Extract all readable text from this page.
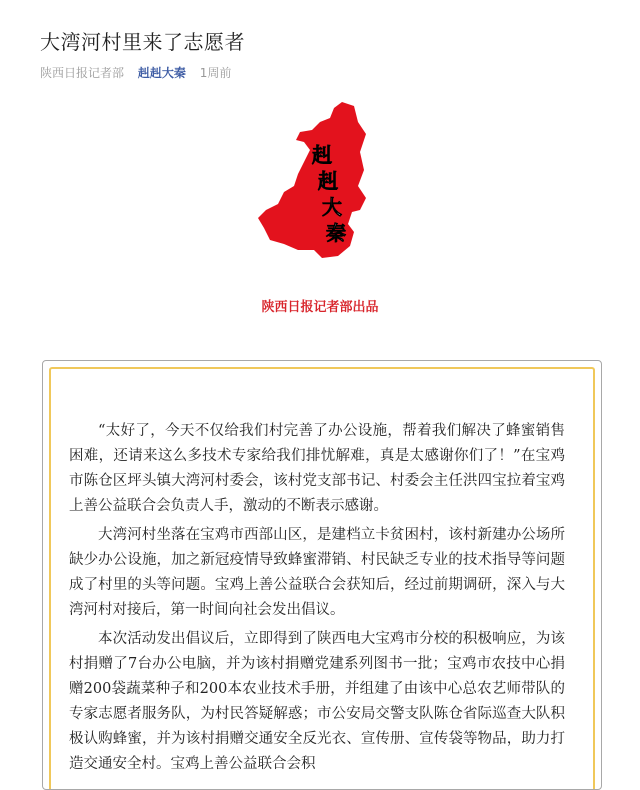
大湾河村里来了志愿者
陕西日报记者部 赳赳大秦 1周前
赳
赳
大
秦
陕西日报记者部出品

“太好了，今天不仅给我们村完善了办公设施，帮着我们解决了蜂蜜销售困难，还请来这么多技术专家给我们排忧解难，真是太感谢你们了！”在宝鸡市陈仓区坪头镇大湾河村委会，该村党支部书记、村委会主任洪四宝拉着宝鸡上善公益联合会负责人手，激动的不断表示感谢。

大湾河村坐落在宝鸡市西部山区，是建档立卡贫困村，该村新建办公场所缺少办公设施，加之新冠疫情导致蜂蜜滞销、村民缺乏专业的技术指导等问题成了村里的头等问题。宝鸡上善公益联合会获知后，经过前期调研，深入与大湾河村对接后，第一时间向社会发出倡议。

本次活动发出倡议后，立即得到了陕西电大宝鸡市分校的积极响应，为该村捐赠了7台办公电脑，并为该村捐赠党建系列图书一批；宝鸡市农技中心捐赠200袋蔬菜种子和200本农业技术手册，并组建了由该中心总农艺师带队的专家志愿者服务队，为村民答疑解惑；市公安局交警支队陈仓省际巡查大队积极认购蜂蜜，并为该村捐赠交通安全反光衣、宣传册、宣传袋等物品，助力打造交通安全村。宝鸡上善公益联合会积
